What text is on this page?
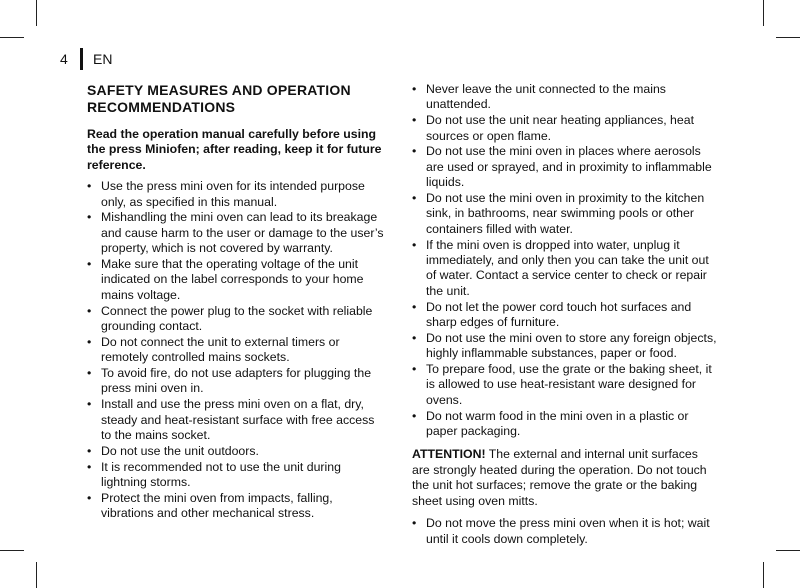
4	EN
SAFETY MEASURES AND OPERATION RECOMMENDATIONS
Read the operation manual carefully before using the press Miniofen; after reading, keep it for future reference.
• Use the press mini oven for its intended purpose only, as specified in this manual.
• Mishandling the mini oven can lead to its breakage and cause harm to the user or damage to the user’s property, which is not covered by warranty.
• Make sure that the operating voltage of the unit indicated on the label corresponds to your home mains voltage.
• Connect the power plug to the socket with reliable grounding contact.
• Do not connect the unit to external timers or remotely controlled mains sockets.
• To avoid fire, do not use adapters for plugging the press mini oven in.
• Install and use the press mini oven on a flat, dry, steady and heat-resistant surface with free access to the mains socket.
• Do not use the unit outdoors.
• It is recommended not to use the unit during lightning storms.
• Protect the mini oven from impacts, falling, vibrations and other mechanical stress.
• Never leave the unit connected to the mains unattended.
• Do not use the unit near heating appliances, heat sources or open flame.
• Do not use the mini oven in places where aerosols are used or sprayed, and in proximity to inflammable liquids.
• Do not use the mini oven in proximity to the kitchen sink, in bathrooms, near swimming pools or other containers filled with water.
• If the mini oven is dropped into water, unplug it immediately, and only then you can take the unit out of water. Contact a service center to check or repair the unit.
• Do not let the power cord touch hot surfaces and sharp edges of furniture.
• Do not use the mini oven to store any foreign objects, highly inflammable substances, paper or food.
• To prepare food, use the grate or the baking sheet, it is allowed to use heat-resistant ware designed for ovens.
• Do not warm food in the mini oven in a plastic or paper packaging.

ATTENTION! The external and internal unit surfaces are strongly heated during the operation. Do not touch the unit hot surfaces; remove the grate or the baking sheet using oven mitts.

• Do not move the press mini oven when it is hot; wait until it cools down completely.
